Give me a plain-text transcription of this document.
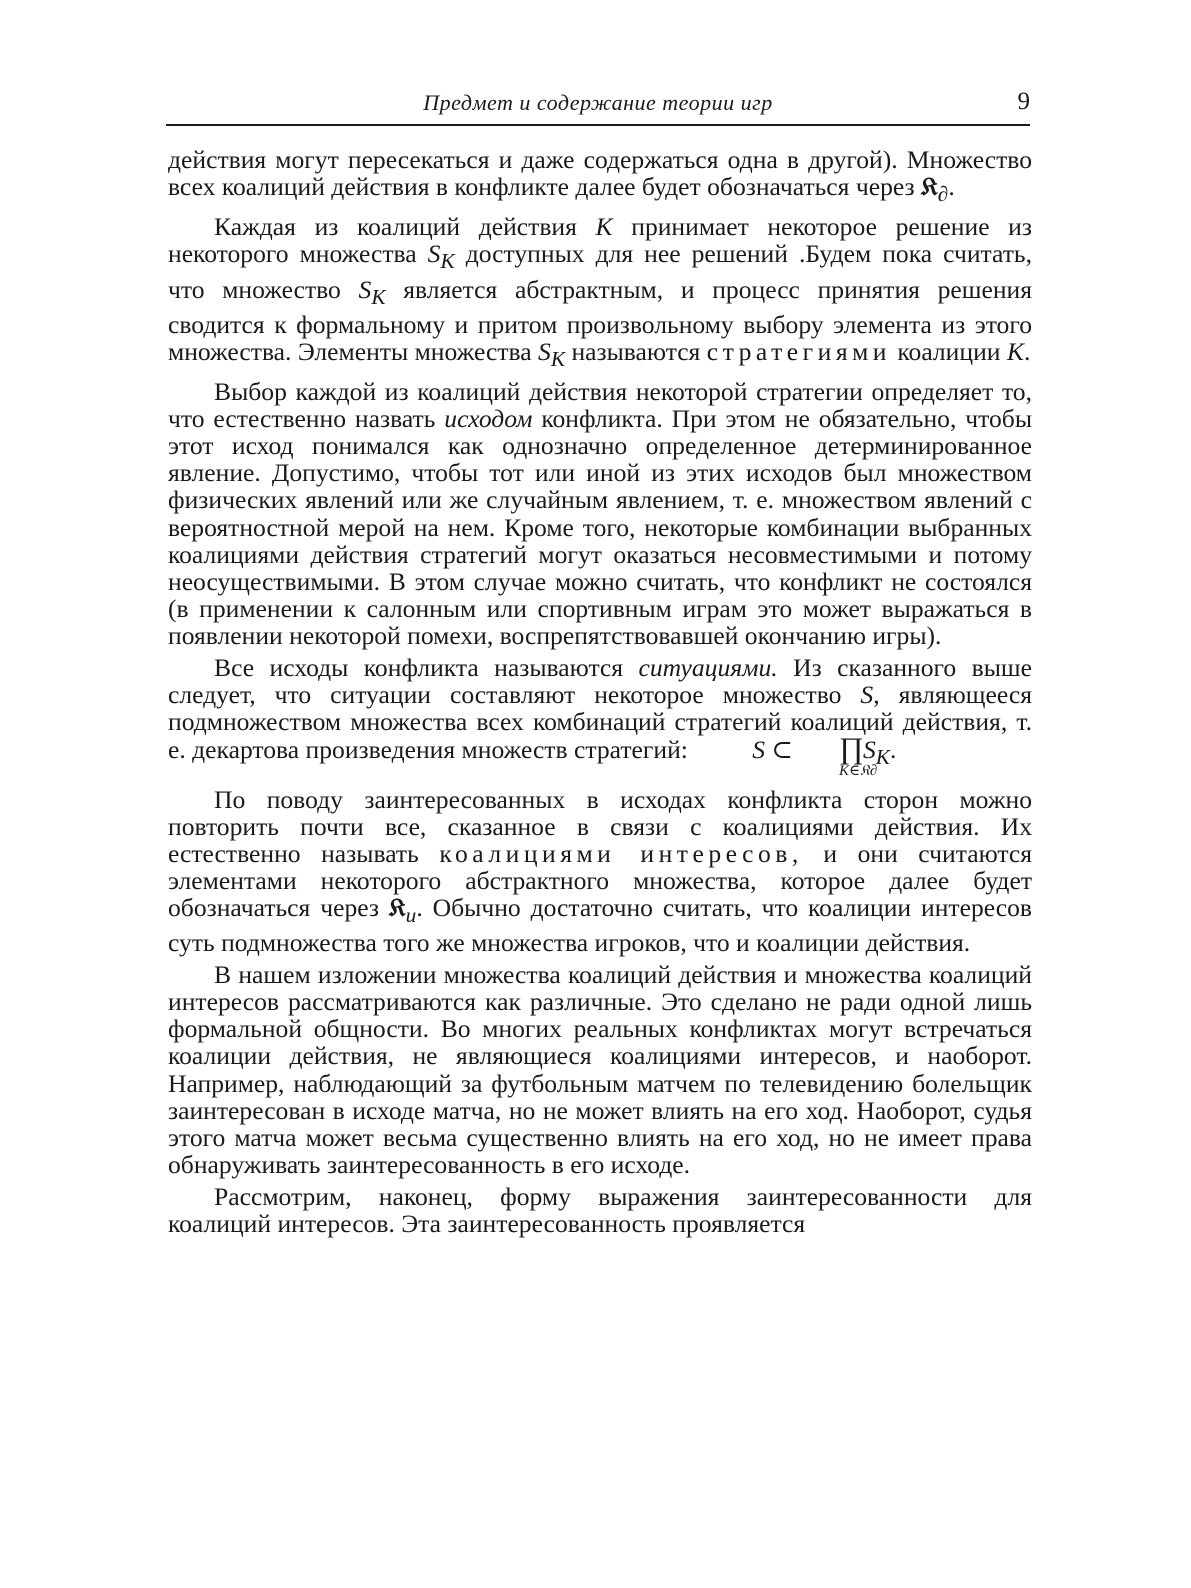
Предмет и содержание теории игр	9

действия могут пересекаться и даже содержаться одна в другой). Множество всех коалиций действия в конфликте далее будет обозначаться через 𝔎$_\partial$.

Каждая из коалиций действия K принимает некоторое решение из некоторого множества $S_K$ доступных для нее решений .Будем пока считать, что множество $S_K$ является абстрактным, и процесс принятия решения сводится к формальному и притом произвольному выбору элемента из этого множества. Элементы множества $S_K$ называются стратегиями коалиции K.

Выбор каждой из коалиций действия некоторой стратегии определяет то, что естественно назвать исходом конфликта. При этом не обязательно, чтобы этот исход понимался как однозначно определенное детерминированное явление. Допустимо, чтобы тот или иной из этих исходов был множеством физических явлений или же случайным явлением, т. е. множеством явлений с вероятностной мерой на нем. Кроме того, некоторые комбинации выбранных коалициями действия стратегий могут оказаться несовместимыми и потому неосуществимыми. В этом случае можно считать, что конфликт не состоялся (в применении к салонным или спортивным играм это может выражаться в появлении некоторой помехи, воспрепятствовавшей окончанию игры).

Все исходы конфликта называются ситуациями. Из сказанного выше следует, что ситуации составляют некоторое множество S, являющееся подмножеством множества всех комбинаций стратегий коалиций действия, т. е. декартова произведения множеств стратегий: S ⊂ ∏
K∈𝔎∂
$S_K$.

По поводу заинтересованных в исходах конфликта сторон можно повторить почти все, сказанное в связи с коалициями действия. Их естественно называть коалициями интересов, и они считаются элементами некоторого абстрактного множества, которое далее будет обозначаться через 𝔎$_u$. Обычно достаточно считать, что коалиции интересов суть подмножества того же множества игроков, что и коалиции действия.

В нашем изложении множества коалиций действия и множества коалиций интересов рассматриваются как различные. Это сделано не ради одной лишь формальной общности. Во многих реальных конфликтах могут встречаться коалиции действия, не являющиеся коалициями интересов, и наоборот. Например, наблюдающий за футбольным матчем по телевидению болельщик заинтересован в исходе матча, но не может влиять на его ход. Наоборот, судья этого матча может весьма существенно влиять на его ход, но не имеет права обнаруживать заинтересованность в его исходе.

Рассмотрим, наконец, форму выражения заинтересованности для коалиций интересов. Эта заинтересованность проявляется
